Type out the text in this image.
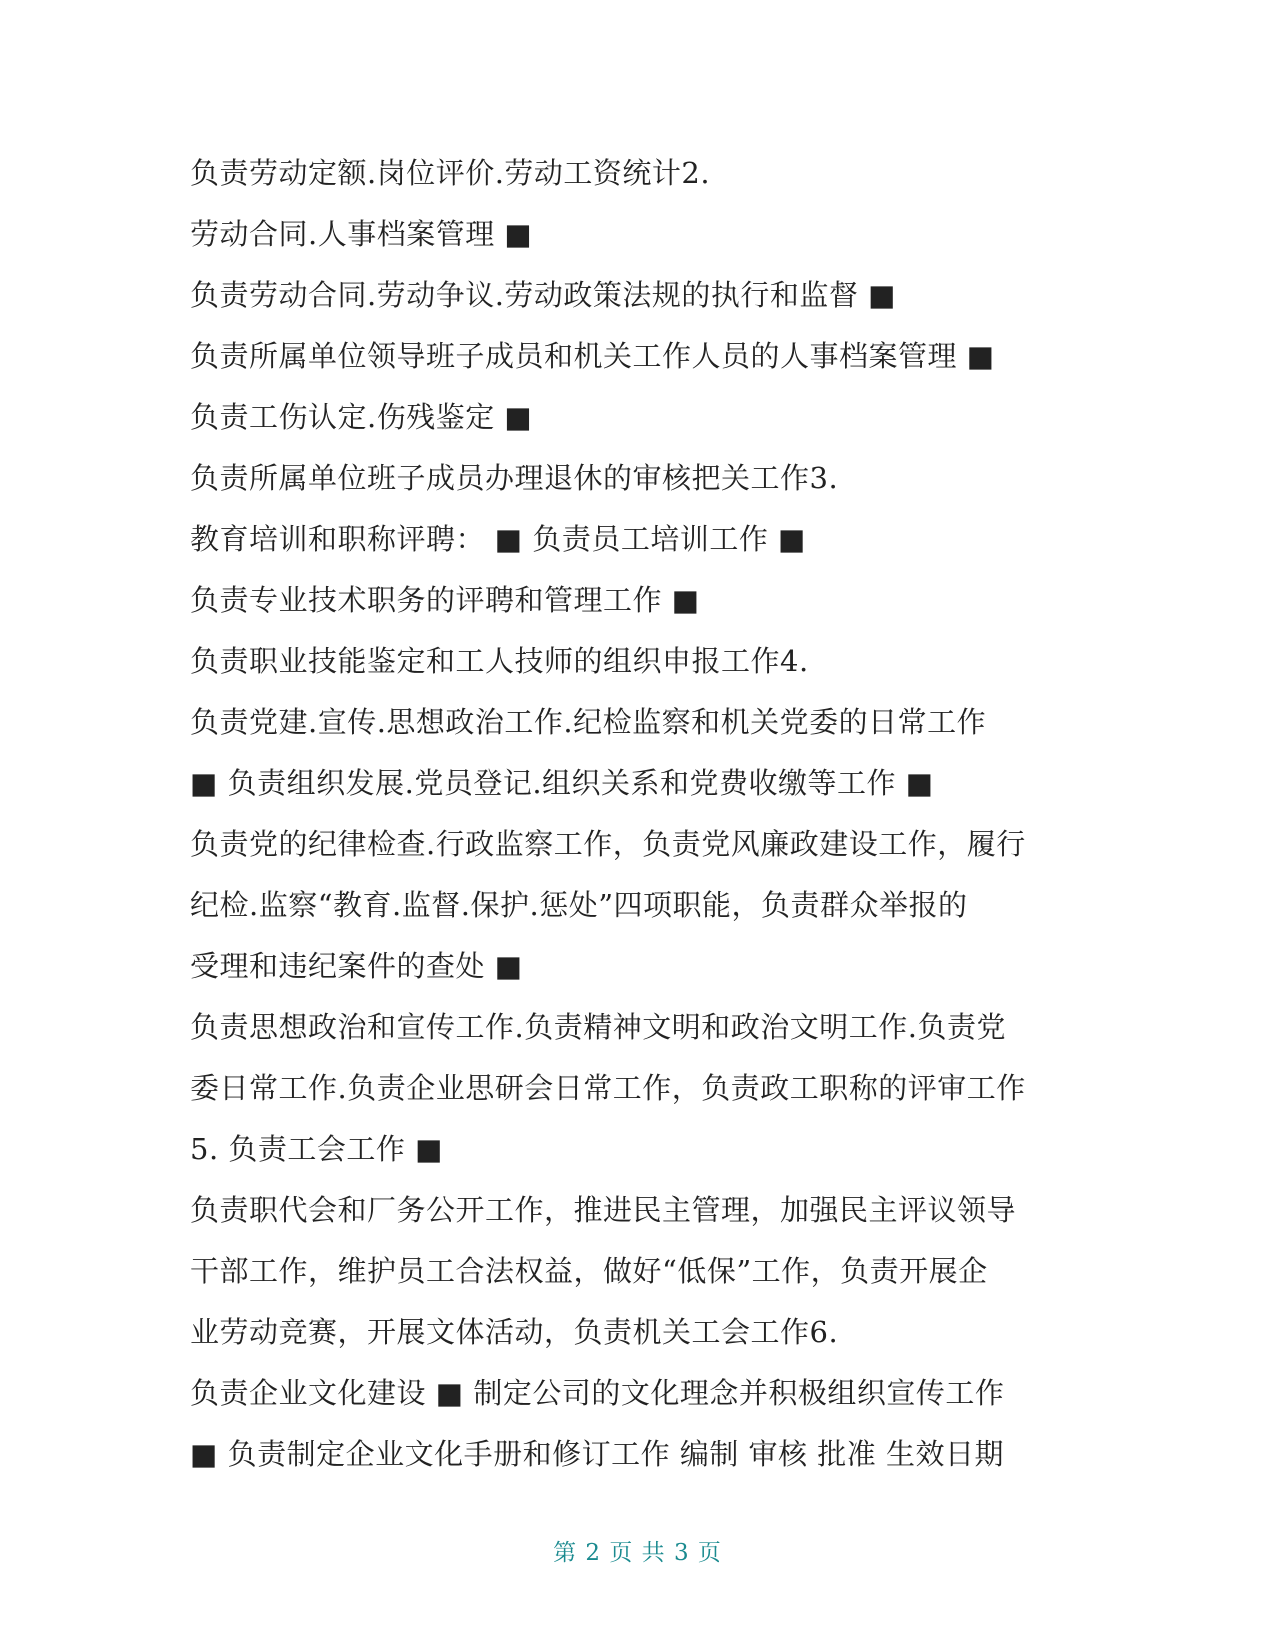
负责劳动定额.岗位评价.劳动工资统计2.

劳动合同.人事档案管理 ■

负责劳动合同.劳动争议.劳动政策法规的执行和监督 ■

负责所属单位领导班子成员和机关工作人员的人事档案管理 ■

负责工伤认定.伤残鉴定 ■

负责所属单位班子成员办理退休的审核把关工作3.

教育培训和职称评聘： ■ 负责员工培训工作 ■

负责专业技术职务的评聘和管理工作 ■

负责职业技能鉴定和工人技师的组织申报工作4.

负责党建.宣传.思想政治工作.纪检监察和机关党委的日常工作

■ 负责组织发展.党员登记.组织关系和党费收缴等工作 ■

负责党的纪律检查.行政监察工作，负责党风廉政建设工作，履行

纪检.监察“教育.监督.保护.惩处”四项职能，负责群众举报的

受理和违纪案件的查处 ■

负责思想政治和宣传工作.负责精神文明和政治文明工作.负责党

委日常工作.负责企业思研会日常工作，负责政工职称的评审工作

5. 负责工会工作 ■

负责职代会和厂务公开工作，推进民主管理，加强民主评议领导

干部工作，维护员工合法权益，做好“低保”工作，负责开展企

业劳动竞赛，开展文体活动，负责机关工会工作6.

负责企业文化建设 ■ 制定公司的文化理念并积极组织宣传工作

■ 负责制定企业文化手册和修订工作 编制 审核 批准 生效日期

第 2 页 共 3 页
